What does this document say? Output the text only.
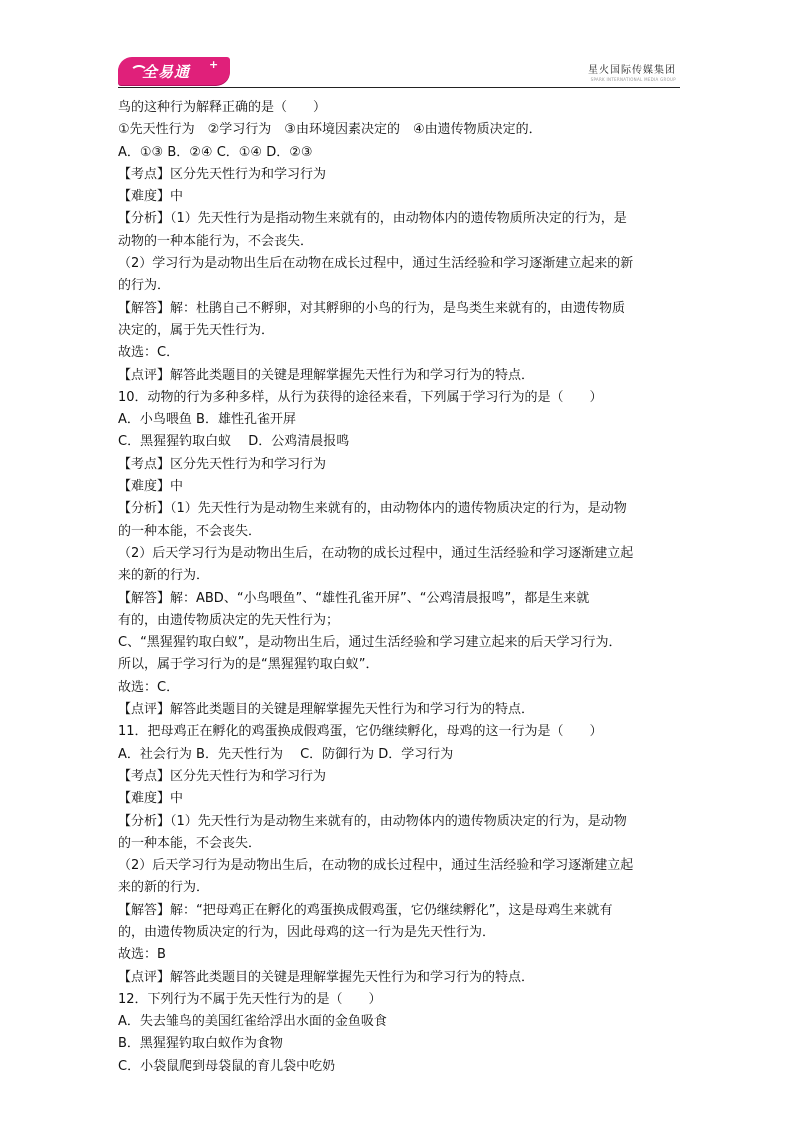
全易通 +	星火国际传媒集团
SPARK INTERNATIONAL MEDIA GROUP
鸟的这种行为解释正确的是（　　）
①先天性行为　②学习行为　③由环境因素决定的　④由遗传物质决定的．
A．①③ B．②④ C．①④ D．②③
【考点】区分先天性行为和学习行为
【难度】中
【分析】（1）先天性行为是指动物生来就有的，由动物体内的遗传物质所决定的行为，是
动物的一种本能行为，不会丧失．
（2）学习行为是动物出生后在动物在成长过程中，通过生活经验和学习逐渐建立起来的新
的行为．
【解答】解：杜鹃自己不孵卵，对其孵卵的小鸟的行为，是鸟类生来就有的，由遗传物质
决定的，属于先天性行为．
故选：C．
【点评】解答此类题目的关键是理解掌握先天性行为和学习行为的特点．
10．动物的行为多种多样，从行为获得的途径来看，下列属于学习行为的是（　　）
A．小鸟喂鱼 B．雄性孔雀开屏
C．黑猩猩钓取白蚁　 D．公鸡清晨报鸣
【考点】区分先天性行为和学习行为
【难度】中
【分析】（1）先天性行为是动物生来就有的，由动物体内的遗传物质决定的行为，是动物
的一种本能，不会丧失．
（2）后天学习行为是动物出生后，在动物的成长过程中，通过生活经验和学习逐渐建立起
来的新的行为．
【解答】解：ABD、“小鸟喂鱼”、“雄性孔雀开屏”、“公鸡清晨报鸣”，都是生来就
有的，由遗传物质决定的先天性行为；
C、“黑猩猩钓取白蚁”，是动物出生后，通过生活经验和学习建立起来的后天学习行为．
所以，属于学习行为的是“黑猩猩钓取白蚁”．
故选：C．
【点评】解答此类题目的关键是理解掌握先天性行为和学习行为的特点．
11．把母鸡正在孵化的鸡蛋换成假鸡蛋，它仍继续孵化，母鸡的这一行为是（　　）
A．社会行为 B．先天性行为　 C．防御行为 D．学习行为
【考点】区分先天性行为和学习行为
【难度】中
【分析】（1）先天性行为是动物生来就有的，由动物体内的遗传物质决定的行为，是动物
的一种本能，不会丧失．
（2）后天学习行为是动物出生后，在动物的成长过程中，通过生活经验和学习逐渐建立起
来的新的行为．
【解答】解：“把母鸡正在孵化的鸡蛋换成假鸡蛋，它仍继续孵化”，这是母鸡生来就有
的，由遗传物质决定的行为，因此母鸡的这一行为是先天性行为．
故选：B
【点评】解答此类题目的关键是理解掌握先天性行为和学习行为的特点．
12．下列行为不属于先天性行为的是（　　）
A．失去雏鸟的美国红雀给浮出水面的金鱼吸食
B．黑猩猩钓取白蚁作为食物
C．小袋鼠爬到母袋鼠的育儿袋中吃奶
